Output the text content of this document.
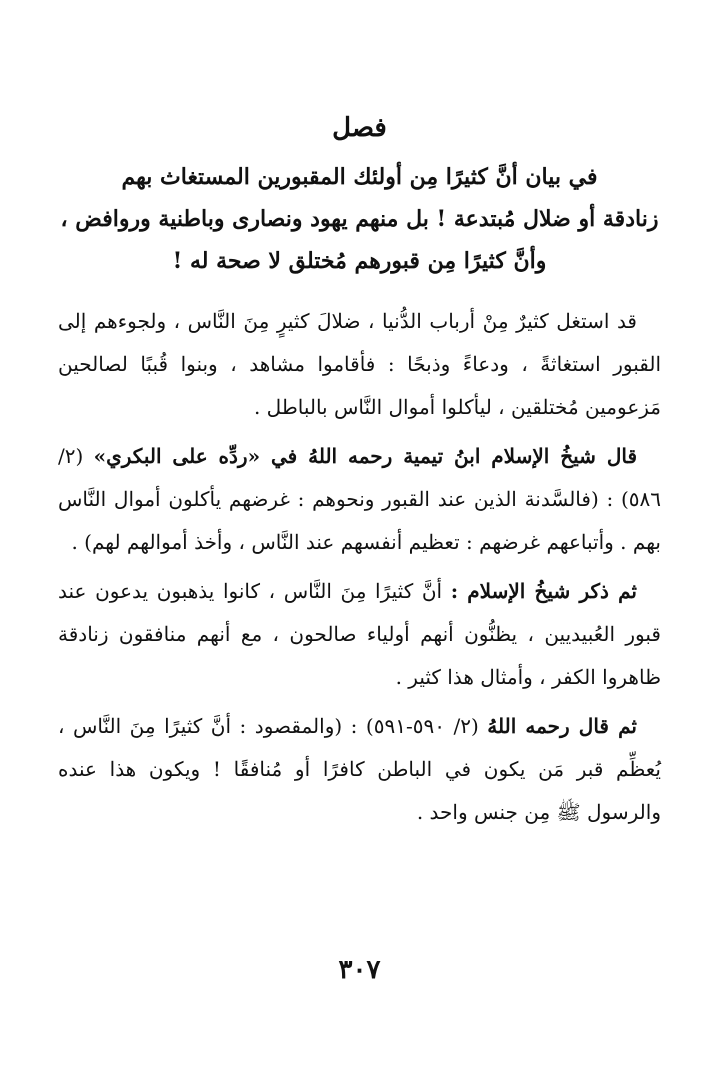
فصل

في بيان أنَّ كثيرًا مِن أولئك المقبورين المستغاث بهم

زنادقة أو ضلال مُبتدعة ! بل منهم يهود ونصارى وباطنية وروافض ،

وأنَّ كثيرًا مِن قبورهم مُختلق لا صحة له !

قد استغل كثيرٌ مِنْ أرباب الدُّنيا ، ضلالَ كثيرٍ مِنَ النَّاس ، ولجوءهم إلى القبور استغاثةً ، ودعاءً وذبحًا : فأقاموا مشاهد ، وبنوا قُببًا لصالحين مَزعومين مُختلقين ، ليأكلوا أموال النَّاس بالباطل .

قال شيخُ الإسلام ابنُ تيمية رحمه اللهُ في «ردِّه على البكري» (٢/ ٥٨٦) : (فالسَّدنة الذين عند القبور ونحوهم : غرضهم يأكلون أموال النَّاس بهم . وأتباعهم غرضهم : تعظيم أنفسهم عند النَّاس ، وأخذ أموالهم لهم) .

ثم ذكر شيخُ الإسلام : أنَّ كثيرًا مِنَ النَّاس ، كانوا يذهبون يدعون عند قبور العُبيديين ، يظنُّون أنهم أولياء صالحون ، مع أنهم منافقون زنادقة ظاهروا الكفر ، وأمثال هذا كثير .

ثم قال رحمه اللهُ (٢/ ٥٩٠-٥٩١) : (والمقصود : أنَّ كثيرًا مِنَ النَّاس ، يُعظِّم قبر مَن يكون في الباطن كافرًا أو مُنافقًا ! ويكون هذا عنده والرسول ﷺ مِن جنس واحد .

٣٠٧
